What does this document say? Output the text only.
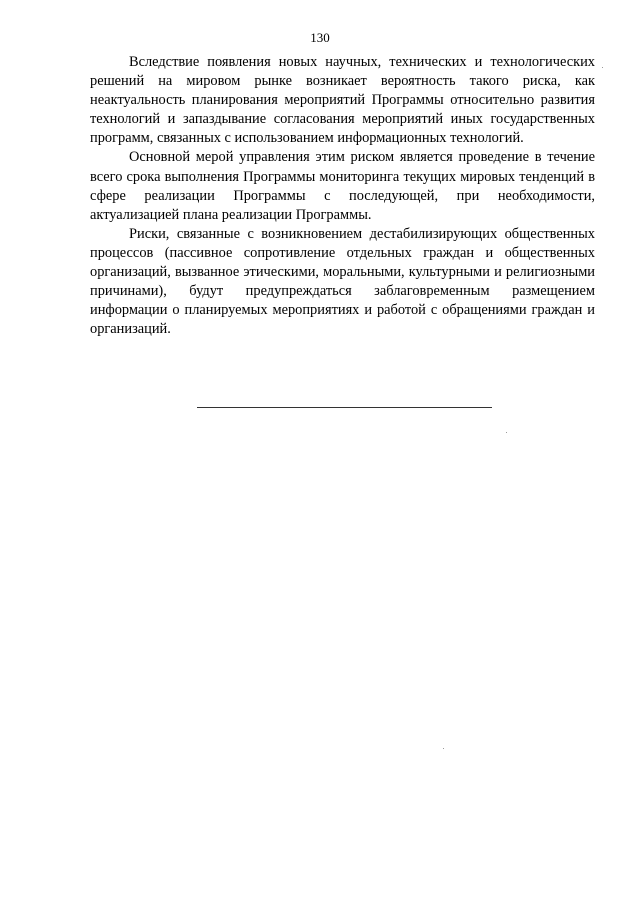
130

Вследствие появления новых научных, технических и технологических решений на мировом рынке возникает вероятность такого риска, как неактуальность планирования мероприятий Программы относительно развития технологий и запаздывание согласования мероприятий иных государственных программ, связанных с использованием информационных технологий.

Основной мерой управления этим риском является проведение в течение всего срока выполнения Программы мониторинга текущих мировых тенденций в сфере реализации Программы с последующей, при необходимости, актуализацией плана реализации Программы.

Риски, связанные с возникновением дестабилизирующих общественных процессов (пассивное сопротивление отдельных граждан и общественных организаций, вызванное этическими, моральными, культурными и религиозными причинами), будут предупреждаться заблаговременным размещением информации о планируемых мероприятиях и работой с обращениями граждан и организаций.
